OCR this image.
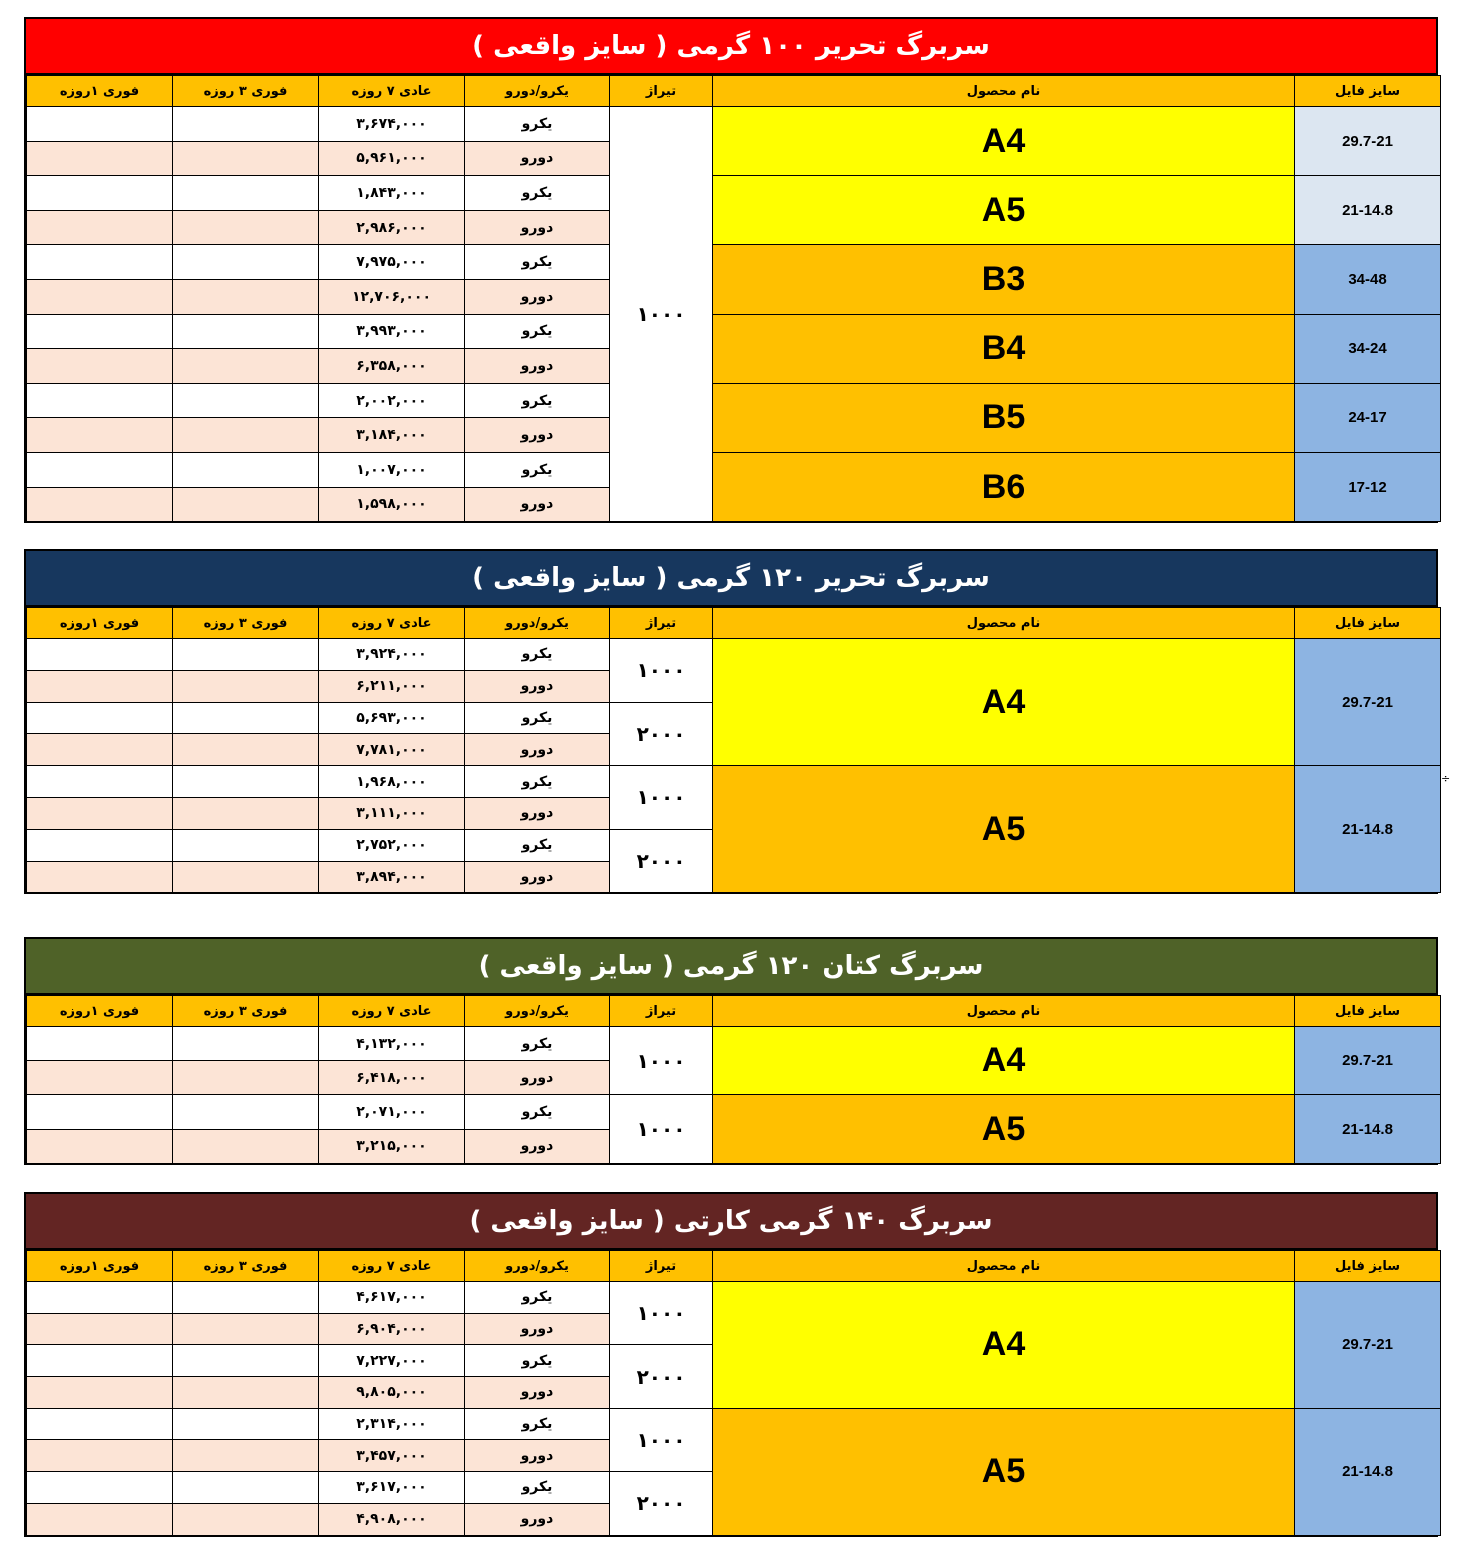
سربرگ تحریر ۱۰۰ گرمی ( سایز واقعی )
فوری ۱روزه	فوری ۳ روزه	عادی ۷ روزه	یکرو/دورو	تیراژ	نام محصول	سایز فایل
		۳,۶۷۴,۰۰۰	یکرو	۱۰۰۰	A4	29.7-21
		۵,۹۶۱,۰۰۰	دورو			
		۱,۸۴۳,۰۰۰	یکرو		A5	21-14.8
		۲,۹۸۶,۰۰۰	دورو			
		۷,۹۷۵,۰۰۰	یکرو		B3	34-48
		۱۲,۷۰۶,۰۰۰	دورو			
		۳,۹۹۳,۰۰۰	یکرو		B4	34-24
		۶,۳۵۸,۰۰۰	دورو			
		۲,۰۰۲,۰۰۰	یکرو		B5	24-17
		۳,۱۸۴,۰۰۰	دورو			
		۱,۰۰۷,۰۰۰	یکرو		B6	17-12
		۱,۵۹۸,۰۰۰	دورو			
سربرگ تحریر ۱۲۰ گرمی ( سایز واقعی )
فوری ۱روزه	فوری ۳ روزه	عادی ۷ روزه	یکرو/دورو	تیراژ	نام محصول	سایز فایل
		۳,۹۲۴,۰۰۰	یکرو	۱۰۰۰	A4	29.7-21
		۶,۲۱۱,۰۰۰	دورو			
		۵,۶۹۳,۰۰۰	یکرو	۲۰۰۰		
		۷,۷۸۱,۰۰۰	دورو			
		۱,۹۶۸,۰۰۰	یکرو	۱۰۰۰	A5	21-14.8
		۳,۱۱۱,۰۰۰	دورو			
		۲,۷۵۲,۰۰۰	یکرو	۲۰۰۰		
		۳,۸۹۴,۰۰۰	دورو			
سربرگ کتان ۱۲۰ گرمی ( سایز واقعی )
فوری ۱روزه	فوری ۳ روزه	عادی ۷ روزه	یکرو/دورو	تیراژ	نام محصول	سایز فایل
		۴,۱۳۲,۰۰۰	یکرو	۱۰۰۰	A4	29.7-21
		۶,۴۱۸,۰۰۰	دورو			
		۲,۰۷۱,۰۰۰	یکرو	۱۰۰۰	A5	21-14.8
		۳,۲۱۵,۰۰۰	دورو			
سربرگ ۱۴۰ گرمی کارتی ( سایز واقعی )
فوری ۱روزه	فوری ۳ روزه	عادی ۷ روزه	یکرو/دورو	تیراژ	نام محصول	سایز فایل
		۴,۶۱۷,۰۰۰	یکرو	۱۰۰۰	A4	29.7-21
		۶,۹۰۴,۰۰۰	دورو			
		۷,۲۲۷,۰۰۰	یکرو	۲۰۰۰		
		۹,۸۰۵,۰۰۰	دورو			
		۲,۳۱۴,۰۰۰	یکرو	۱۰۰۰	A5	21-14.8
		۳,۴۵۷,۰۰۰	دورو			
		۳,۶۱۷,۰۰۰	یکرو	۲۰۰۰		
		۴,۹۰۸,۰۰۰	دورو			
÷
